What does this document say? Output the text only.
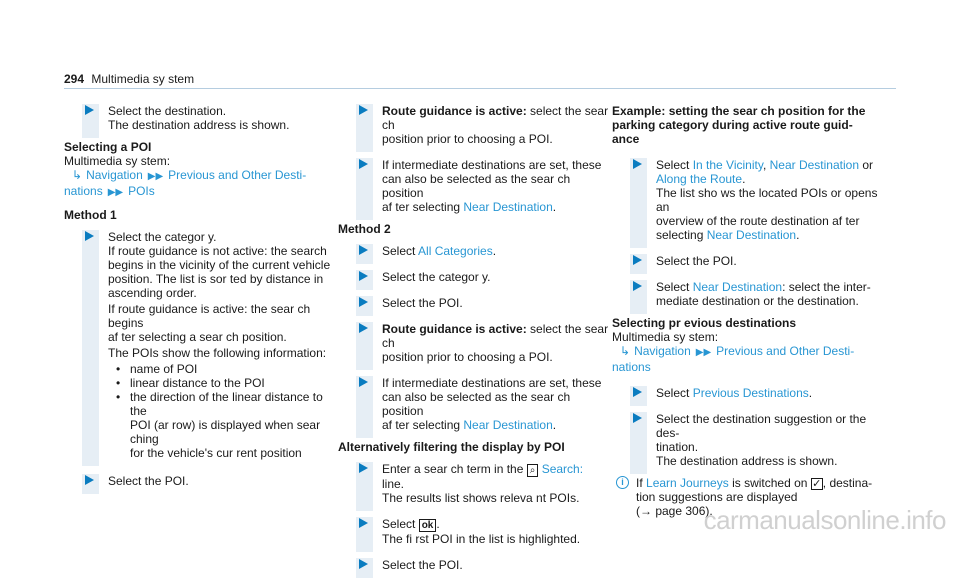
294 Multimedia sy stem
Select the destination.
The destination address is shown.
Selecting a POI
Multimedia sy stem:
↳ Navigation ▶▶ Previous and Other Desti-
nations ▶▶ POIs
Method 1
Select the categor y.
If route guidance is not active: the search
begins in the vicinity of the current vehicle
position. The list is sor ted by distance in
ascending order.
If route guidance is active: the sear ch begins
af ter selecting a sear ch position.
The POIs show the following information:
• name of POI
• linear distance to the POI
• the direction of the linear distance to the
POI (ar row) is displayed when sear ching
for the vehicle's cur rent position
Select the POI.
Route guidance is active: select the sear ch
position prior to choosing a POI.
If intermediate destinations are set, these
can also be selected as the sear ch position
af ter selecting Near Destination.
Method 2
Select All Categories.
Select the categor y.
Select the POI.
Route guidance is active: select the sear ch
position prior to choosing a POI.
If intermediate destinations are set, these
can also be selected as the sear ch position
af ter selecting Near Destination.
Alternatively filtering the display by POI
Enter a sear ch term in the ⌕ Search:
line.
The results list shows releva nt POIs.
Select ok .
The fi rst POI in the list is highlighted.
Select the POI.
Example: setting the sear ch position for the
parking category during active route guid-
ance
Select In the Vicinity, Near Destination or
Along the Route.
The list sho ws the located POIs or opens an
overview of the route destination af ter
selecting Near Destination.
Select the POI.
Select Near Destination: select the inter-
mediate destination or the destination.
Selecting pr evious destinations
Multimedia sy stem:
↳ Navigation ▶▶ Previous and Other Desti-
nations
Select Previous Destinations.
Select the destination suggestion or the des‐
tination.
The destination address is shown.
i	If Learn Journeys is switched on ✓, destina‐
tion suggestions are displayed
(→ page 306).
carmanualsonline.info
